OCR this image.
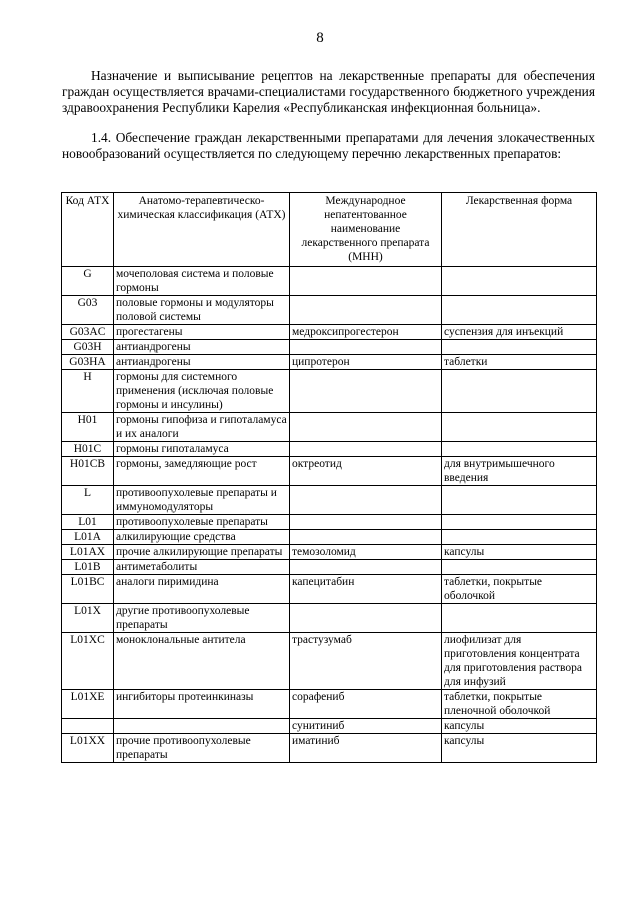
8

Назначение и выписывание рецептов на лекарственные препараты для обеспечения граждан осуществляется врачами-специалистами государственного бюджетного учреждения здравоохранения Республики Карелия «Республиканская инфекционная больница».

1.4. Обеспечение граждан лекарственными препаратами для лечения злокачественных новообразований осуществляется по следующему перечню лекарственных препаратов:

Код АТХ	Анатомо-терапевтическо-химическая классификация (АТХ)	Международное непатентованное наименование лекарственного препарата (МНН)	Лекарственная форма
G	мочеполовая система и половые гормоны		
G03	половые гормоны и модуляторы половой системы		
G03AC	прогестагены	медроксипрогестерон	суспензия для инъекций
G03H	антиандрогены		
G03HA	антиандрогены	ципротерон	таблетки
H	гормоны для системного применения (исключая половые гормоны и инсулины)		
H01	гормоны гипофиза и гипоталамуса и их аналоги		
H01C	гормоны гипоталамуса		
H01CB	гормоны, замедляющие рост	октреотид	для внутримышечного введения
L	противоопухолевые препараты и иммуномодуляторы		
L01	противоопухолевые препараты		
L01A	алкилирующие средства		
L01AX	прочие алкилирующие препараты	темозоломид	капсулы
L01B	антиметаболиты		
L01BC	аналоги пиримидина	капецитабин	таблетки, покрытые оболочкой
L01X	другие противоопухолевые препараты		
L01XC	моноклональные антитела	трастузумаб	лиофилизат для приготовления концентрата для приготовления раствора для инфузий
L01XE	ингибиторы протеинкиназы	сорафениб	таблетки, покрытые пленочной оболочкой
		сунитиниб	капсулы
L01XX	прочие противоопухолевые препараты	иматиниб	капсулы
